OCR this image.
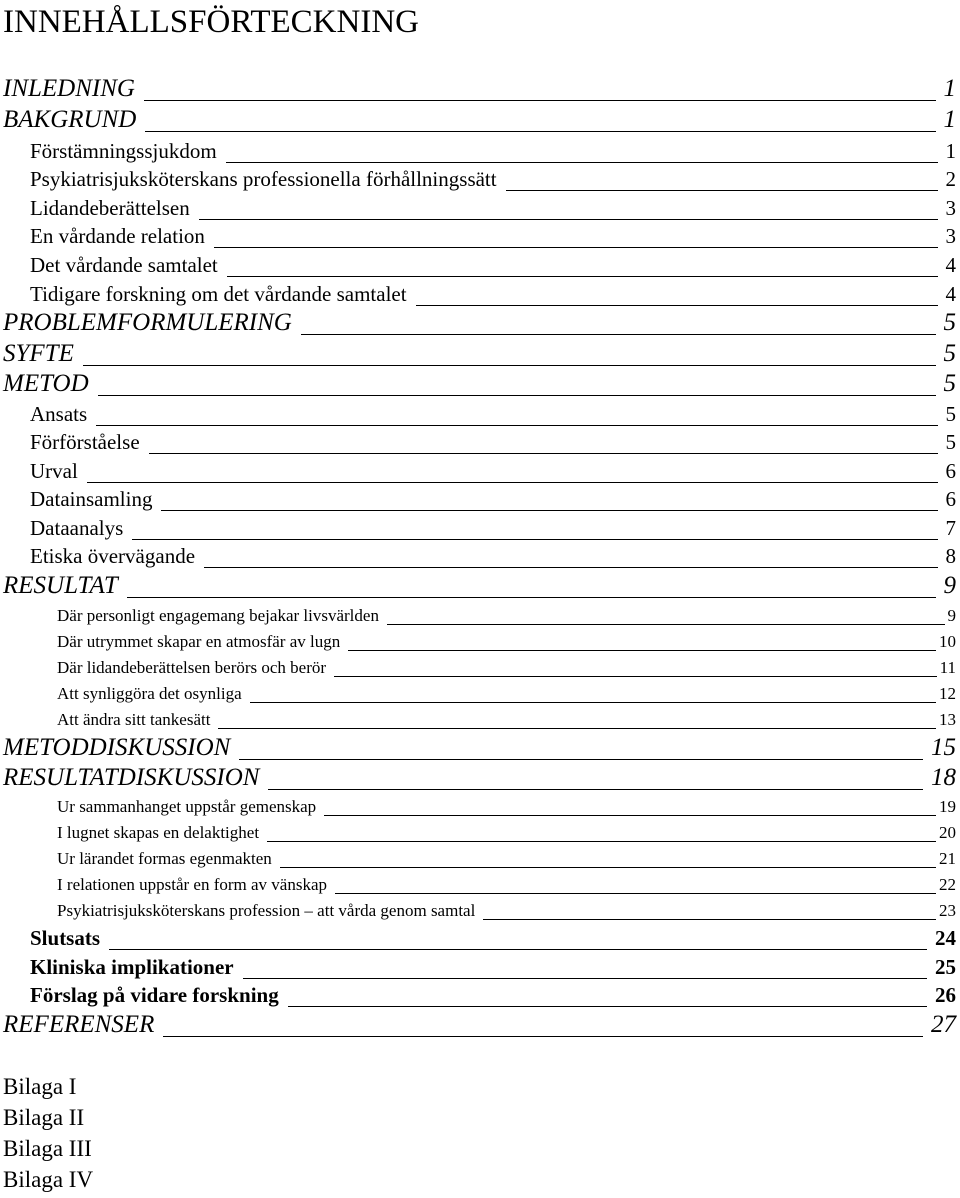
INNEHÅLLSFÖRTECKNING
INLEDNING	1
BAKGRUND	1
Förstämningssjukdom	1
Psykiatrisjuksköterskans professionella förhållningssätt	2
Lidandeberättelsen	3
En vårdande relation	3
Det vårdande samtalet	4
Tidigare forskning om det vårdande samtalet	4
PROBLEMFORMULERING	5
SYFTE	5
METOD	5
Ansats	5
Förförståelse	5
Urval	6
Datainsamling	6
Dataanalys	7
Etiska övervägande	8
RESULTAT	9
Där personligt engagemang bejakar livsvärlden	9
Där utrymmet skapar en atmosfär av lugn	10
Där lidandeberättelsen berörs och berör	11
Att synliggöra det osynliga	12
Att ändra sitt tankesätt	13
METODDISKUSSION	15
RESULTATDISKUSSION	18
Ur sammanhanget uppstår gemenskap	19
I lugnet skapas en delaktighet	20
Ur lärandet formas egenmakten	21
I relationen uppstår en form av vänskap	22
Psykiatrisjuksköterskans profession – att vårda genom samtal	23
Slutsats	24
Kliniska implikationer	25
Förslag på vidare forskning	26
REFERENSER	27
Bilaga I
Bilaga II
Bilaga III
Bilaga IV
